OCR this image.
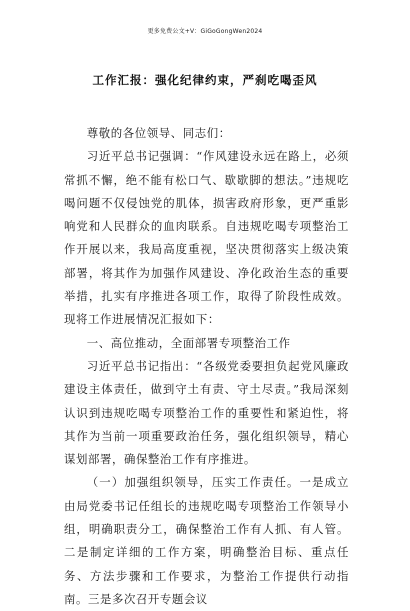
更多免费公文+V：GiGoGongWen2024
工作汇报：强化纪律约束，严刹吃喝歪风

尊敬的各位领导、同志们：

习近平总书记强调：“作风建设永远在路上，必须常抓不懈，绝不能有松口气、歇歇脚的想法。”违规吃喝问题不仅侵蚀党的肌体，损害政府形象，更严重影响党和人民群众的血肉联系。自违规吃喝专项整治工作开展以来，我局高度重视，坚决贯彻落实上级决策部署，将其作为加强作风建设、净化政治生态的重要举措，扎实有序推进各项工作，取得了阶段性成效。现将工作进展情况汇报如下：

一、高位推动，全面部署专项整治工作

习近平总书记指出：“各级党委要担负起党风廉政建设主体责任，做到守土有责、守土尽责。”我局深刻认识到违规吃喝专项整治工作的重要性和紧迫性，将其作为当前一项重要政治任务，强化组织领导，精心谋划部署，确保整治工作有序推进。

（一）加强组织领导，压实工作责任。一是成立由局党委书记任组长的违规吃喝专项整治工作领导小组，明确职责分工，确保整治工作有人抓、有人管。二是制定详细的工作方案，明确整治目标、重点任务、方法步骤和工作要求，为整治工作提供行动指南。三是多次召开专题会议
